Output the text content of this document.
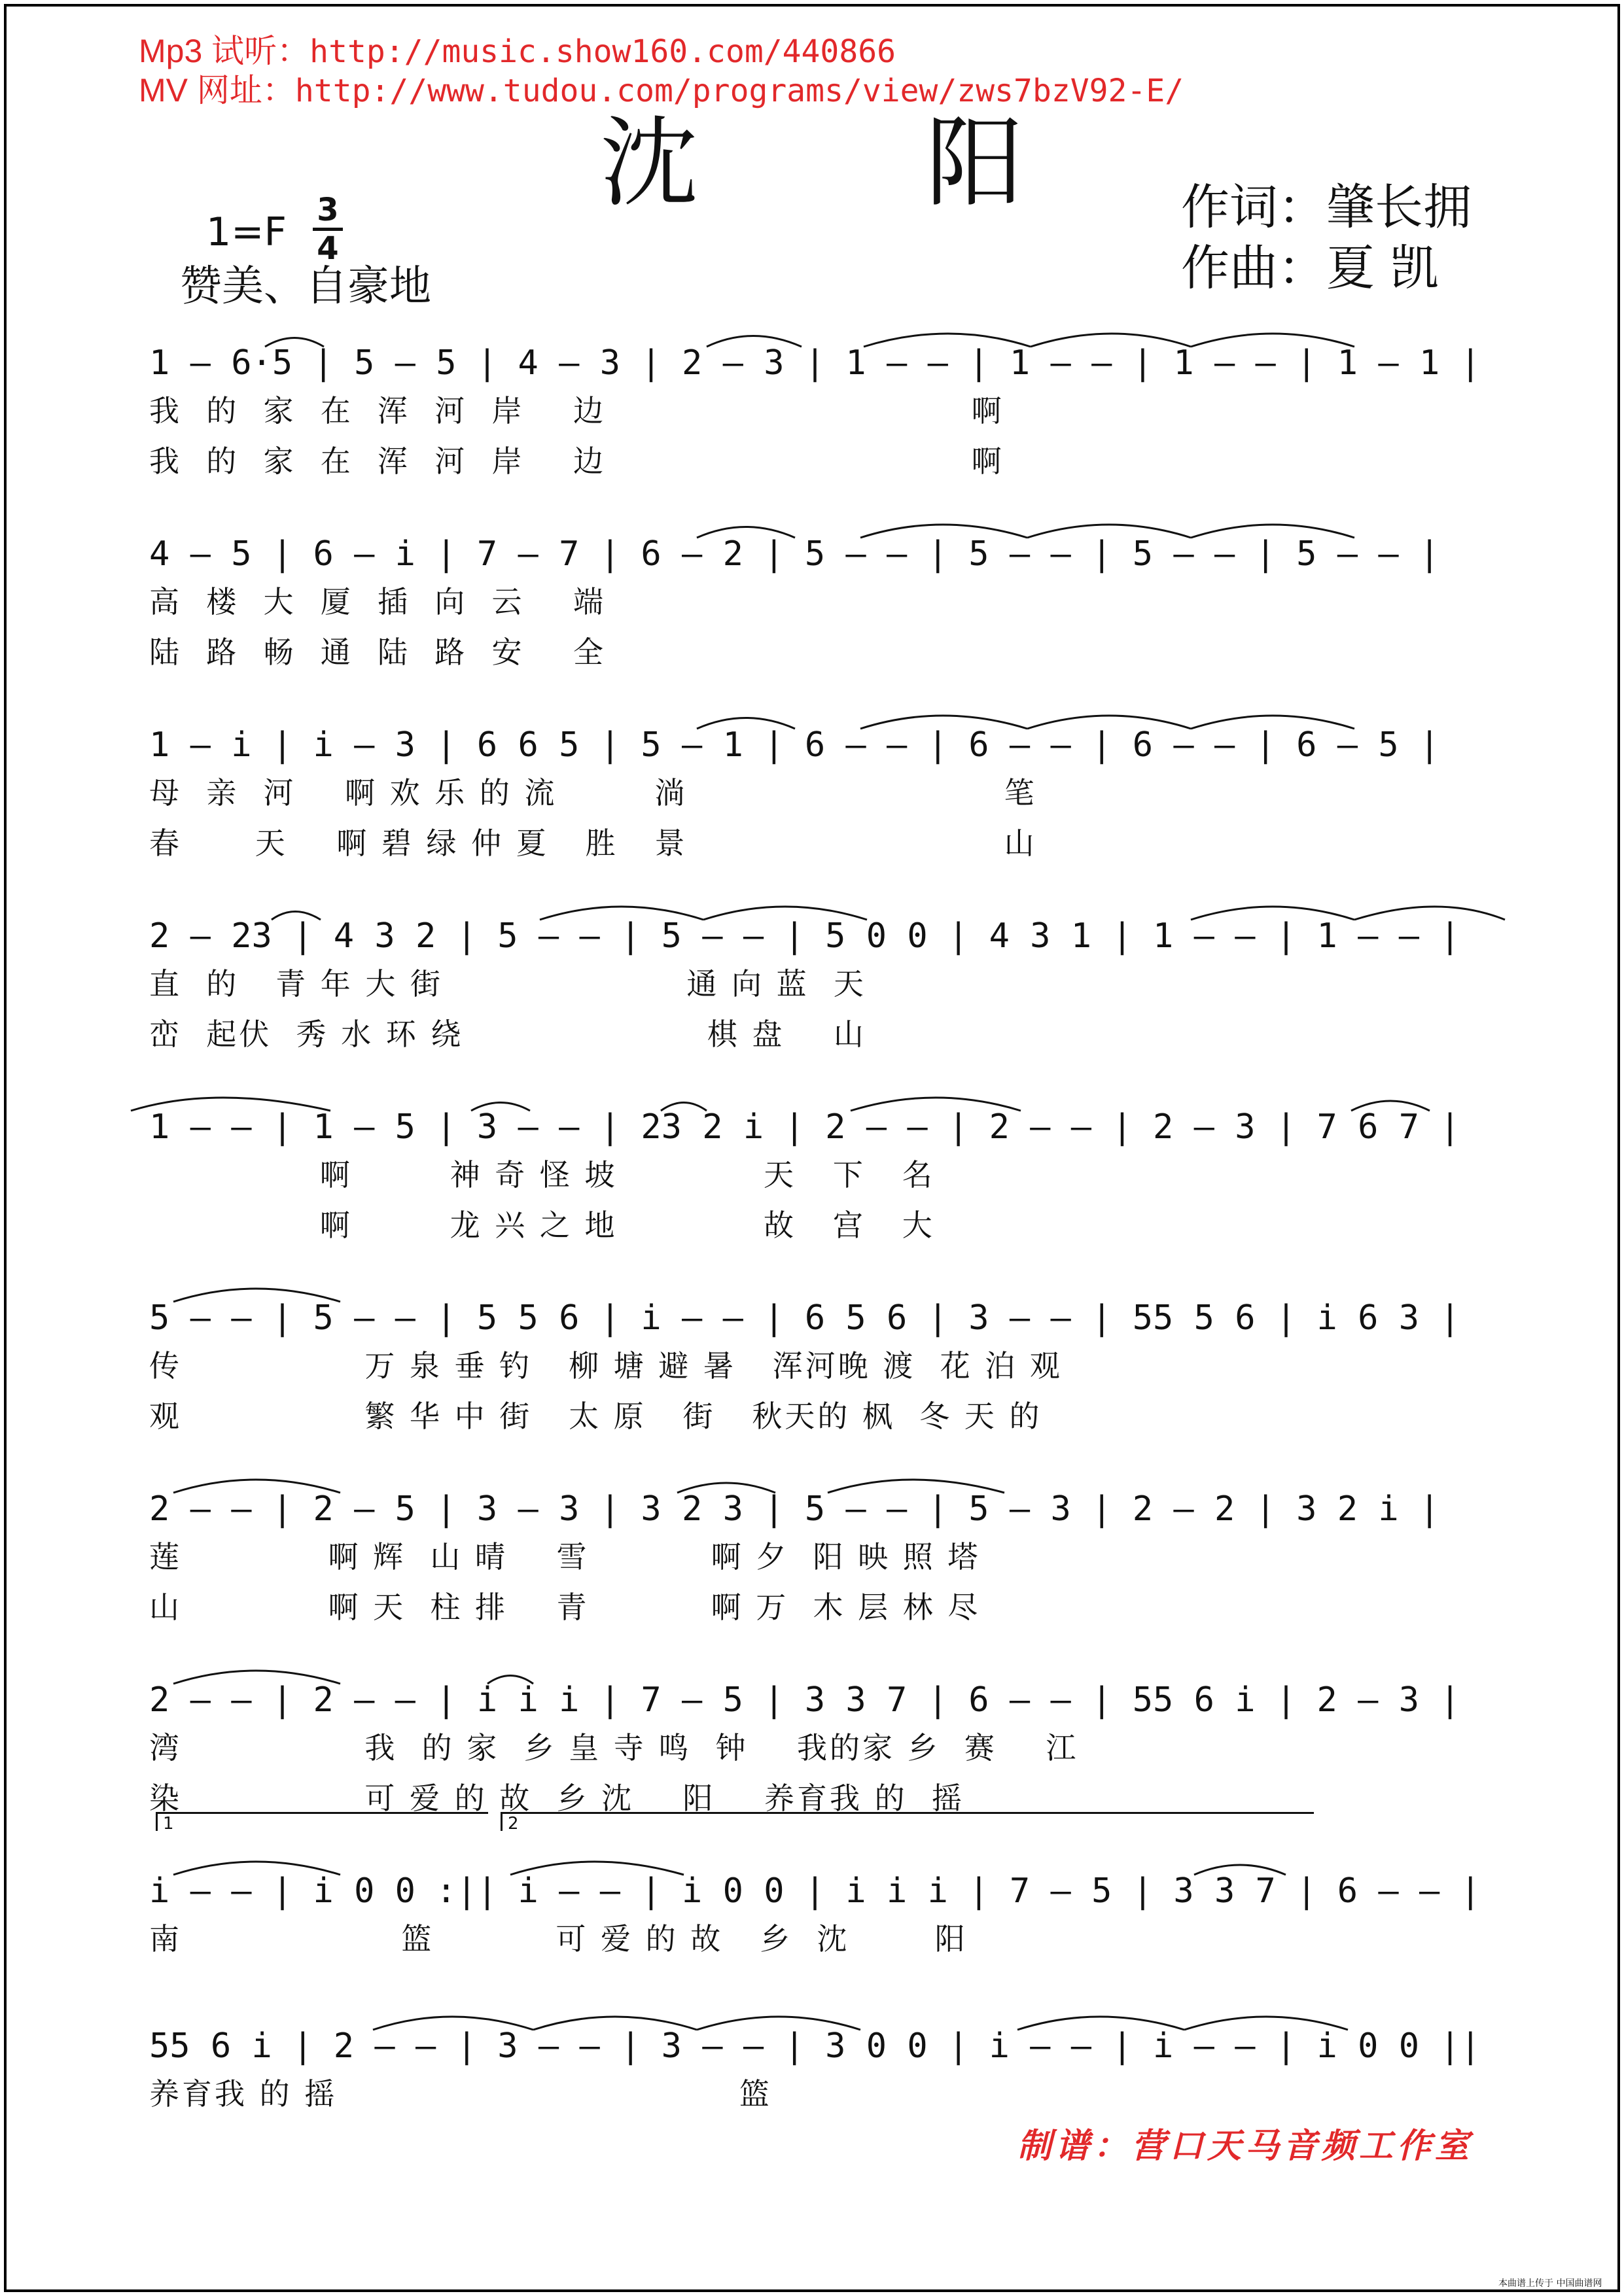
Mp3 试听：http://music.show160.com/440866
MV 网址：http://www.tudou.com/programs/view/zws7bzV92-E/
沈 阳	作词：肇长拥
作曲：夏 凯
1=F 3
4
赞美、自豪地
1 – 6·5 | 5 – 5 | 4 – 3 | 2 – 3 | 1 – – | 1 – – | 1 – – | 1 – 1 |
我  的  家  在  浑  河  岸    边                              啊
我  的  家  在  浑  河  岸    边                              啊
4 – 5 | 6 – i | 7 – 7 | 6 – 2 | 5 – – | 5 – – | 5 – – | 5 – – |
高  楼  大  厦  插  向  云    端
陆  路  畅  通  陆  路  安    全
1 – i | i – 3 | 6 6 5 | 5 – 1 | 6 – – | 6 – – | 6 – – | 6 – 5 |
母  亲  河    啊 欢 乐 的 流        淌                          笔
春      天    啊 碧 绿 仲 夏   胜   景                          山
2 – 23 | 4 3 2 | 5 – – | 5 – – | 5 0 0 | 4 3 1 | 1 – – | 1 – – |
直  的   青 年 大 街                    通 向 蓝  天
峦  起伏  秀 水 环 绕                    棋 盘    山
1 – – | 1 – 5 | 3 – – | 23 2 i | 2 – – | 2 – – | 2 – 3 | 7 6 7 |
啊        神 奇 怪 坡            天   下   名
啊        龙 兴 之 地            故   宫   大
5 – – | 5 – – | 5 5 6 | i – – | 6 5 6 | 3 – – | 55 5 6 | i 6 3 |
传               万 泉 垂 钓   柳 塘 避 暑   浑河晚 渡  花 泊 观
观               繁 华 中 街   太 原   街   秋天的 枫  冬 天 的
2 – – | 2 – 5 | 3 – 3 | 3 2 3 | 5 – – | 5 – 3 | 2 – 2 | 3 2 i |
莲            啊 辉  山 晴    雪          啊 夕  阳 映 照 塔
山            啊 天  柱 排    青          啊 万  木 层 林 尽
2 – – | 2 – – | i i i | 7 – 5 | 3 3 7 | 6 – – | 55 6 i | 2 – 3 |
湾               我  的 家  乡 皇 寺 鸣  钟    我的家 乡  赛    江
染               可 爱 的 故  乡 沈    阳    养育我 的  摇
1	2
i – – | i 0 0 :|| i – – | i 0 0 | i i i | 7 – 5 | 3 3 7 | 6 – – |
南                  篮          可 爱 的 故   乡  沈       阳
55 6 i | 2 – – | 3 – – | 3 – – | 3 0 0 | i – – | i – – | i 0 0 ||
养育我 的 摇                                 篮
制谱：营口天马音频工作室
本曲谱上传于 中国曲谱网
